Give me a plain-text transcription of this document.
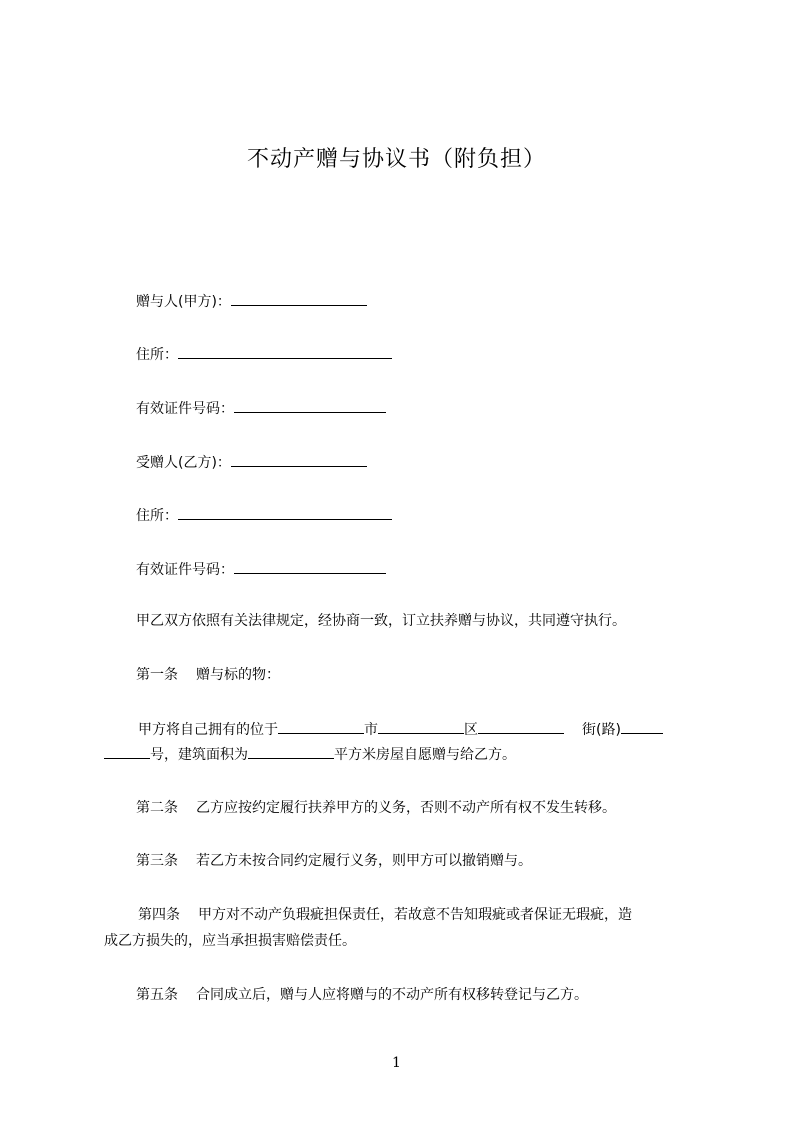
不动产赠与协议书（附负担）
赠与人(甲方)：
住所：
有效证件号码：
受赠人(乙方)：
住所：
有效证件号码：
甲乙双方依照有关法律规定，经协商一致，订立扶养赠与协议，共同遵守执行。
第一条 赠与标的物：
甲方将自己拥有的位于	市	区	街(路)
号，建筑面积为	平方米房屋自愿赠与给乙方。
第二条 乙方应按约定履行扶养甲方的义务，否则不动产所有权不发生转移。
第三条 若乙方未按合同约定履行义务，则甲方可以撤销赠与。
第四条 甲方对不动产负瑕疵担保责任，若故意不告知瑕疵或者保证无瑕疵，造
成乙方损失的，应当承担损害赔偿责任。
第五条 合同成立后，赠与人应将赠与的不动产所有权移转登记与乙方。
1
